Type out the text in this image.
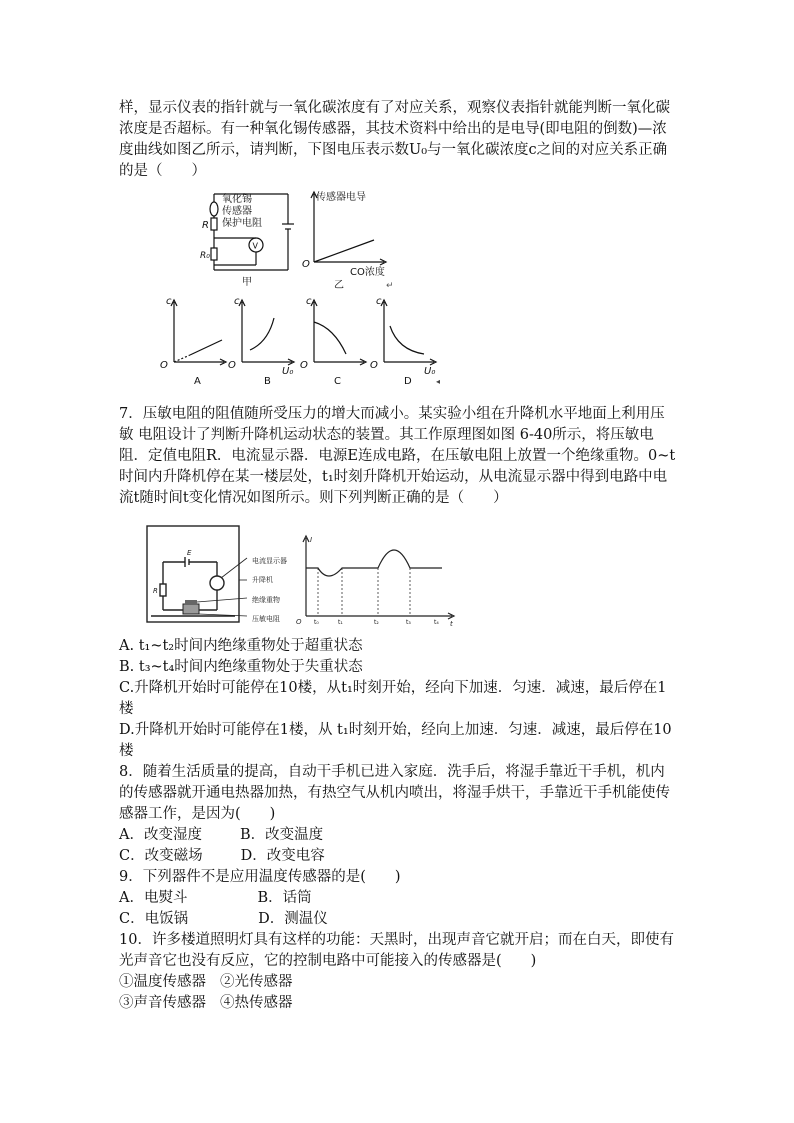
样，显示仪表的指针就与一氧化碳浓度有了对应关系，观察仪表指针就能判断一氧化碳浓度是否超标。有一种氧化锡传感器，其技术资料中给出的是电导(即电阻的倒数)—浓度曲线如图乙所示，请判断，下图电压表示数U₀与一氧化碳浓度c之间的对应关系正确的是（　　）
氧化锡
传感器
保护电阻
R
R₀
V
甲
传感器电导
O
CO浓度
乙	↵
c
O
c
O
U₀
c
O
c
O
U₀
A	B	C	D	◂
7．压敏电阻的阻值随所受压力的增大而减小。某实验小组在升降机水平地面上利用压敏 电阻设计了判断升降机运动状态的装置。其工作原理图如图 6-40所示，将压敏电阻．定值电阻R．电流显示器．电源E连成电路，在压敏电阻上放置一个绝缘重物。0~t时间内升降机停在某一楼层处，t₁时刻升降机开始运动，从电流显示器中得到电路中电流t随时间t变化情况如图所示。则下列判断正确的是（　　）
E
R
电流显示器
升降机
绝缘重物
压敏电阻
I
O t₀	t₁	t₂	t₃	t₄ t
A. t₁~t₂时间内绝缘重物处于超重状态
B. t₃~t₄时间内绝缘重物处于失重状态
C.升降机开始时可能停在10楼，从t₁时刻开始，经向下加速．匀速．减速，最后停在1楼
D.升降机开始时可能停在1楼，从 t₁时刻开始，经向上加速．匀速．减速，最后停在10楼
8．随着生活质量的提高，自动干手机已进入家庭．洗手后，将湿手靠近干手机，机内的传感器就开通电热器加热，有热空气从机内喷出，将湿手烘干，手靠近干手机能使传感器工作，是因为(　　)
A．改变湿度	B．改变温度
C．改变磁场	D．改变电容
9．下列器件不是应用温度传感器的是(　　)
A．电熨斗	B．话筒
C．电饭锅	D．测温仪
10．许多楼道照明灯具有这样的功能：天黑时，出现声音它就开启；而在白天，即使有光声音它也没有反应，它的控制电路中可能接入的传感器是(　　)
①温度传感器 ②光传感器
③声音传感器 ④热传感器
